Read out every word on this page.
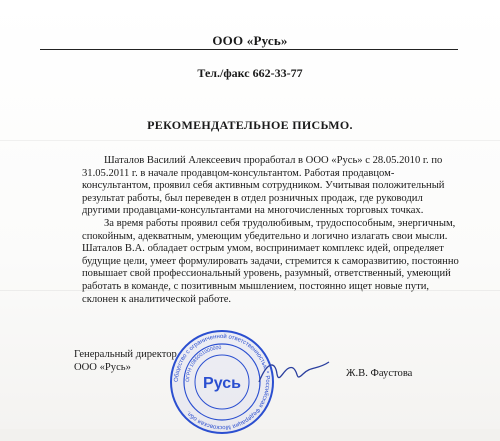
ООО «Русь»
Тел./факс 662-33-77
РЕКОМЕНДАТЕЛЬНОЕ ПИСЬМО.
Шаталов Василий Алексеевич проработал в ООО «Русь» с 28.05.2010 г. по
31.05.2011 г. в начале продавцом-консультантом. Работая продавцом-
консультантом, проявил себя активным сотрудником. Учитывая положительный
результат работы, был переведен в отдел розничных продаж, где руководил
другими продавцами-консультантами на многочисленных торговых точках.
За время работы проявил себя трудолюбивым, трудоспособным, энергичным,
спокойным, адекватным, умеющим убедительно и логично излагать свои мысли.
Шаталов В.А. обладает острым умом, воспринимает комплекс идей, определяет
будущие цели, умеет формулировать задачи, стремится к саморазвитию, постоянно
повышает свой профессиональный уровень, разумный, ответственный, умеющий
работать в команде, с позитивным мышлением, постоянно ищет новые пути,
склонен к аналитической работе.
Генеральный директор
ООО «Русь»
Общество с ограниченной ответственностью * Российская Федерация Московская обл.
ОГРН 1085001000000
Русь
Ж.В. Фаустова
